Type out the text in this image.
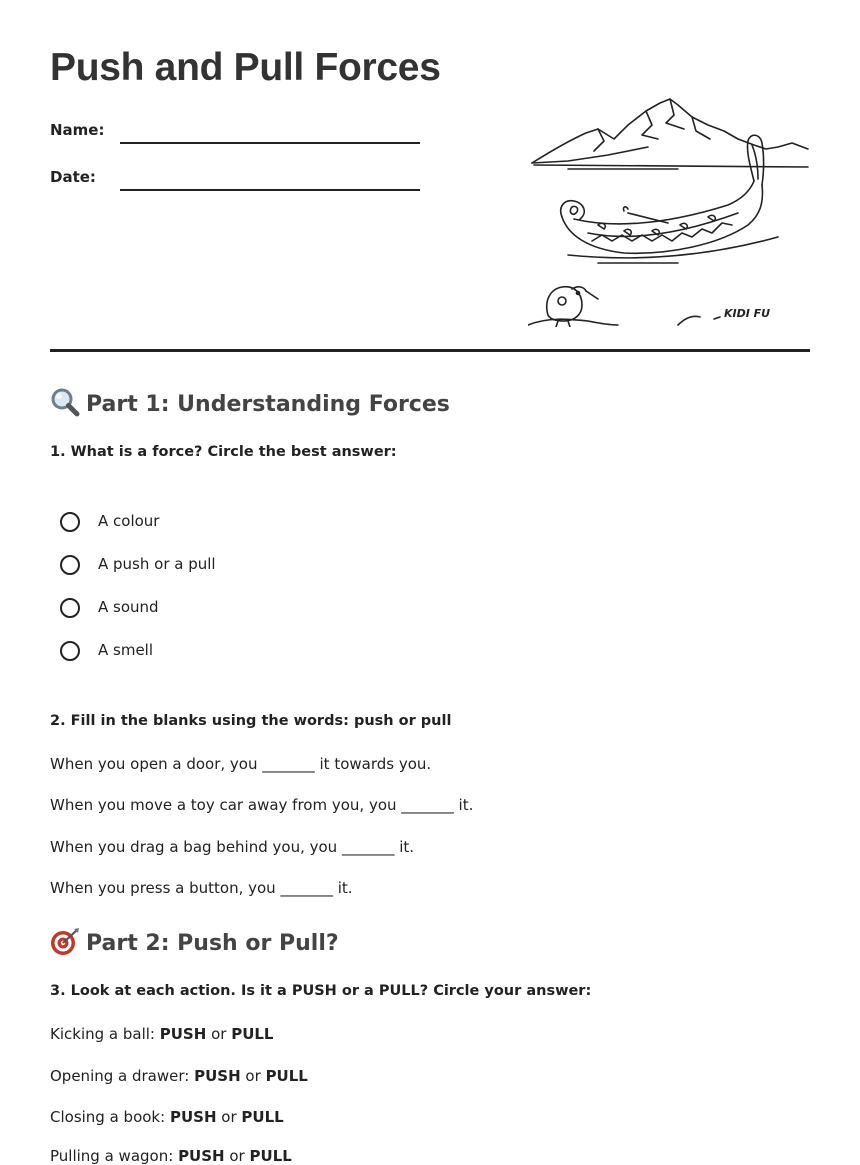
Push and Pull Forces
Name:
Date:
KIDI FU
Part 1: Understanding Forces

1. What is a force? Circle the best answer:

A colour
A push or a pull
A sound
A smell

2. Fill in the blanks using the words: push or pull

When you open a door, you _______ it towards you.
When you move a toy car away from you, you _______ it.
When you drag a bag behind you, you _______ it.
When you press a button, you _______ it.
Part 2: Push or Pull?

3. Look at each action. Is it a PUSH or a PULL? Circle your answer:

Kicking a ball: PUSH or PULL
Opening a drawer: PUSH or PULL
Closing a book: PUSH or PULL
Pulling a wagon: PUSH or PULL
